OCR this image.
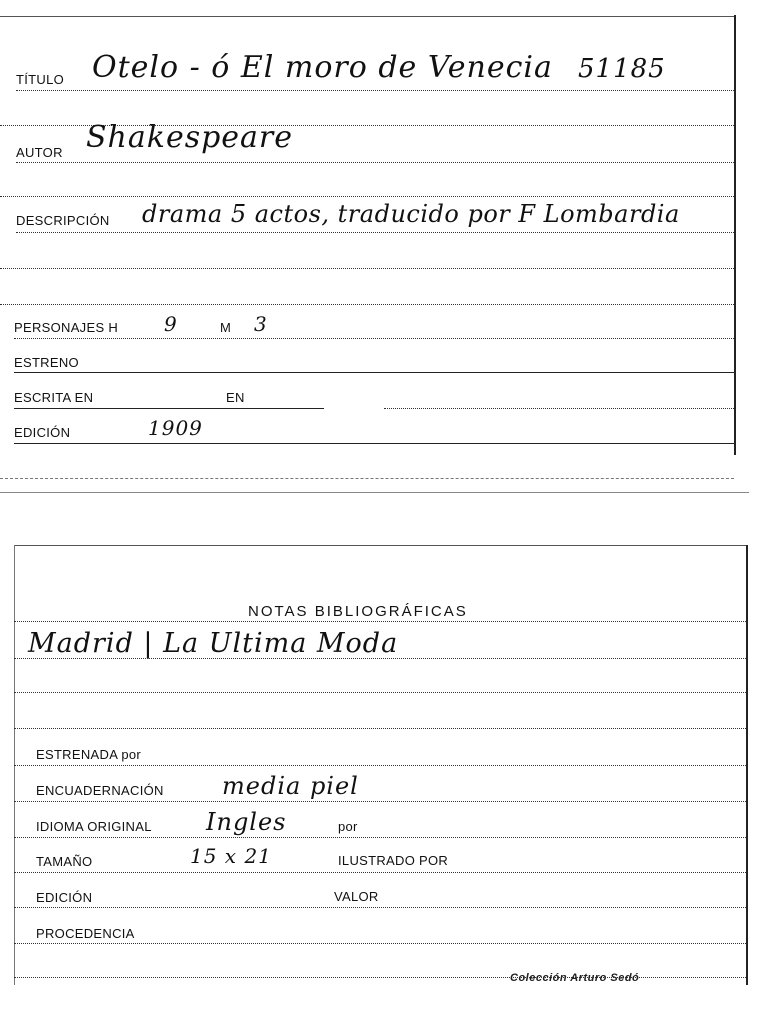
TÍTULO Otelo - ó El moro de Venecia 51185
AUTOR Shakespeare
DESCRIPCIÓN drama 5 actos, traducido por F Lombardia
PERSONAJES H 9	M 3
ESTRENO
ESCRITA EN	EN
EDICIÓN	1909
NOTAS BIBLIOGRÁFICAS
Madrid | La Ultima Moda
ESTRENADA por
ENCUADERNACIÓN media piel
IDIOMA ORIGINAL Ingles	por
TAMAÑO	15 x 21	ILUSTRADO POR
EDICIÓN	VALOR
PROCEDENCIA
Colección Arturo Sedó
